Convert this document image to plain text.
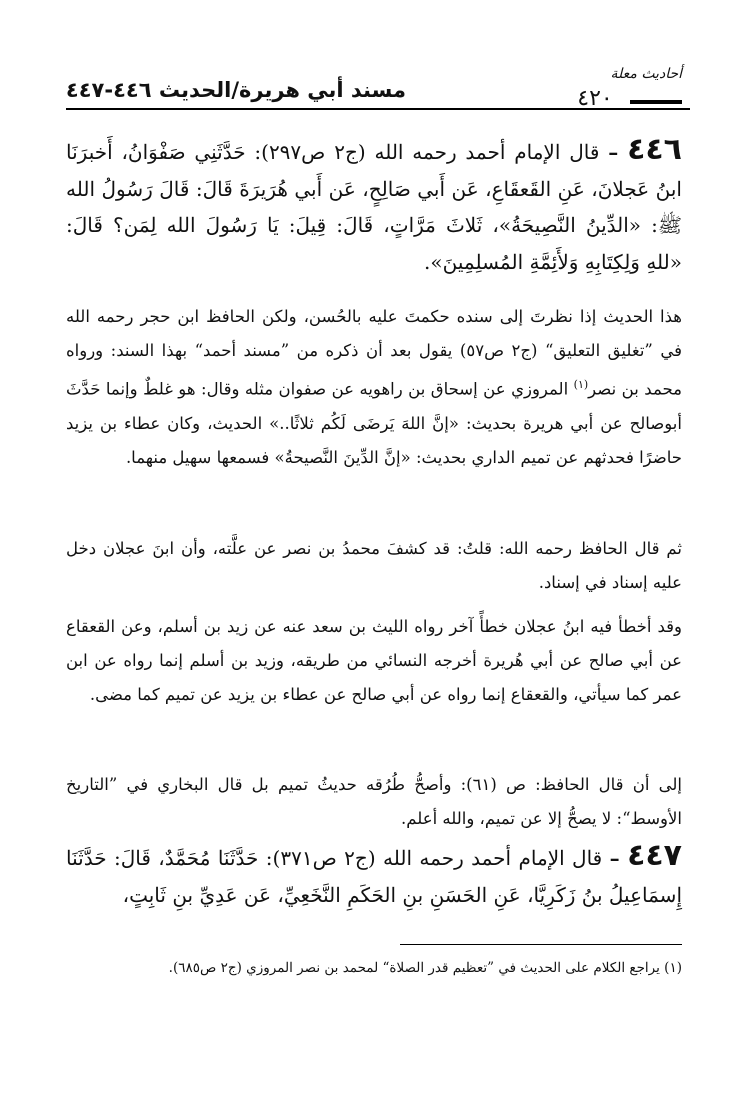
أحاديث معلة
٤٢٠
مسند أبي هريرة/الحديث ٤٤٦-٤٤٧
٤٤٦ – قال الإمام أحمد رحمه الله (ج٢ ص٢٩٧): حَدَّثَنِي صَفْوَانُ، أَخبرَنَا ابنُ عَجلانَ، عَنِ القَعقَاعِ، عَن أَبي صَالِحٍ، عَن أَبي هُرَيرَةَ قَالَ: قَالَ رَسُولُ الله ﷺ: «الدِّينُ النَّصِيحَةُ»، ثَلاثَ مَرَّاتٍ، قَالَ: قِيلَ: يَا رَسُولَ الله لِمَن؟ قَالَ: «للهِ وَلِكِتَابِهِ وَلأَئِمَّةِ المُسلِمِينَ».
هذا الحديث إذا نظرتَ إلى سنده حكمتَ عليه بالحُسن، ولكن الحافظ ابن حجر رحمه الله في ”تغليق التعليق“ (ج٢ ص٥٧) يقول بعد أن ذكره من ”مسند أحمد“ بهذا السند: ورواه محمد بن نصر$^{(١)}$ المروزي عن إسحاق بن راهويه عن صفوان مثله وقال: هو غلطٌ وإنما حَدَّثَ أبوصالح عن أبي هريرة بحديث: «إنَّ اللهَ يَرضَى لَكُم ثلاثًا..» الحديث، وكان عطاء بن يزيد حاضرًا فحدثهم عن تميم الداري بحديث: «إنَّ الدِّينَ النَّصيحةُ» فسمعها سهيل منهما.
ثم قال الحافظ رحمه الله: قلتُ: قد كشفَ محمدُ بن نصر عن علَّته، وأن ابنَ عجلان دخل عليه إسناد في إسناد.
وقد أخطأ فيه ابنُ عجلان خطأً آخر رواه الليث بن سعد عنه عن زيد بن أسلم، وعن القعقاع عن أبي صالح عن أبي هُريرة أخرجه النسائي من طريقه، وزيد بن أسلم إنما رواه عن ابن عمر كما سيأتي، والقعقاع إنما رواه عن أبي صالح عن عطاء بن يزيد عن تميم كما مضى.
إلى أن قال الحافظ: ص (٦١): وأصحُّ طُرُقه حديثُ تميم بل قال البخاري في ”التاريخ الأوسط“: لا يصحُّ إلا عن تميم، والله أعلم.
٤٤٧ – قال الإمام أحمد رحمه الله (ج٢ ص٣٧١): حَدَّثَنَا مُحَمَّدٌ، قَالَ: حَدَّثَنَا إِسمَاعِيلُ بنُ زَكَرِيَّا، عَنِ الحَسَنِ بنِ الحَكَمِ النَّخَعِيِّ، عَن عَدِيِّ بنِ ثَابِتٍ،
(١) يراجع الكلام على الحديث في ”تعظيم قدر الصلاة“ لمحمد بن نصر المروزي (ج٢ ص٦٨٥).
